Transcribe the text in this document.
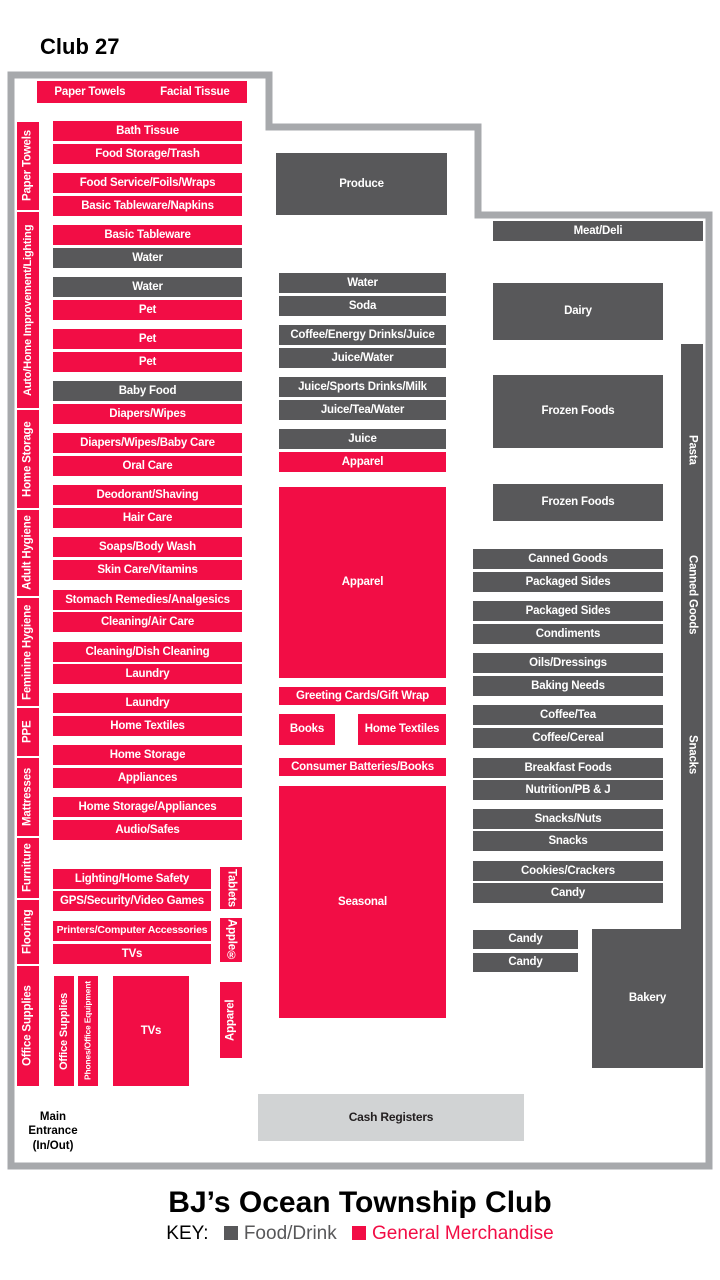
Club 27
Paper Towels	Facial Tissue
Paper Towels
Auto/Home Improvement/Lighting
Home Storage
Adult Hygiene
Feminine Hygiene
PPE
Mattresses
Furniture
Flooring
Office Supplies
Bath Tissue
Food Storage/Trash
Food Service/Foils/Wraps
Basic Tableware/Napkins
Basic Tableware
Water
Water
Pet
Pet
Pet
Baby Food
Diapers/Wipes
Diapers/Wipes/Baby Care
Oral Care
Deodorant/Shaving
Hair Care
Soaps/Body Wash
Skin Care/Vitamins
Stomach Remedies/Analgesics
Cleaning/Air Care
Cleaning/Dish Cleaning
Laundry
Laundry
Home Textiles
Home Storage
Appliances
Home Storage/Appliances
Audio/Safes
Lighting/Home Safety
GPS/Security/Video Games
Printers/Computer Accessories
TVs
Tablets
Apple®
Apparel
Office Supplies	Phones/Office Equipment	TVs
Produce
Water
Soda
Coffee/Energy Drinks/Juice
Juice/Water
Juice/Sports Drinks/Milk
Juice/Tea/Water
Juice
Apparel
Apparel
Greeting Cards/Gift Wrap
Books	Home Textiles
Consumer Batteries/Books
Seasonal
Meat/Deli
Dairy
Frozen Foods
Frozen Foods
Canned Goods
Packaged Sides
Packaged Sides
Condiments
Oils/Dressings
Baking Needs
Coffee/Tea
Coffee/Cereal
Breakfast Foods
Nutrition/PB & J
Snacks/Nuts
Snacks
Cookies/Crackers
Candy
Candy
Candy
Pasta
Canned Goods
Snacks
Bakery
Cash Registers
Main
Entrance
(In/Out)
BJ’s Ocean Township Club
KEY: Food/Drink General Merchandise
